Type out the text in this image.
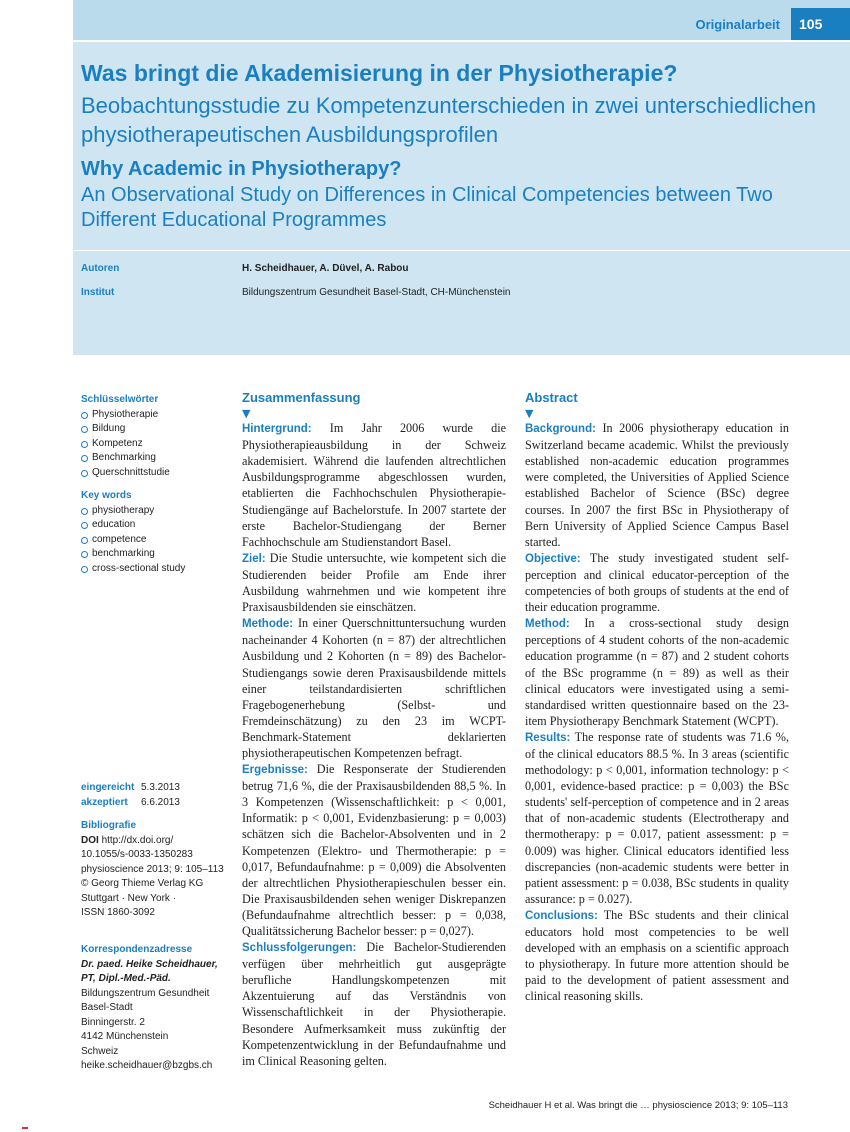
Originalarbeit	105
Was bringt die Akademisierung in der Physiotherapie?
Beobachtungsstudie zu Kompetenzunterschieden in zwei unterschiedlichen physiotherapeutischen Ausbildungsprofilen
Why Academic in Physiotherapy?
An Observational Study on Differences in Clinical Competencies between Two Different Educational Programmes
Autoren	H. Scheidhauer, A. Düvel, A. Rabou
Institut	Bildungszentrum Gesundheit Basel-Stadt, CH-Münchenstein
Schlüsselwörter
Physiotherapie
Bildung
Kompetenz
Benchmarking
Querschnittstudie
Key words
physiotherapy
education
competence
benchmarking
cross-sectional study
eingereicht 5.3.2013
akzeptiert 6.6.2013
Bibliografie
DOI http://dx.doi.org/
10.1055/s-0033-1350283
physioscience 2013; 9: 105–113
© Georg Thieme Verlag KG
Stuttgart · New York ·
ISSN 1860-3092
Korrespondenzadresse
Dr. paed. Heike Scheidhauer,
PT, Dipl.-Med.-Päd.
Bildungszentrum Gesundheit
Basel-Stadt
Binningerstr. 2
4142 Münchenstein
Schweiz
heike.scheidhauer@bzgbs.ch
Zusammenfassung
▼

Hintergrund: Im Jahr 2006 wurde die Physiotherapieausbildung in der Schweiz akademisiert. Während die laufenden altrechtlichen Ausbildungsprogramme abgeschlossen wurden, etablierten die Fachhochschulen Physiotherapie-Studiengänge auf Bachelorstufe. In 2007 startete der erste Bachelor-Studiengang der Berner Fachhochschule am Studienstandort Basel.

Ziel: Die Studie untersuchte, wie kompetent sich die Studierenden beider Profile am Ende ihrer Ausbildung wahrnehmen und wie kompetent ihre Praxisausbildenden sie einschätzen.

Methode: In einer Querschnittuntersuchung wurden nacheinander 4 Kohorten (n = 87) der altrechtlichen Ausbildung und 2 Kohorten (n = 89) des Bachelor-Studiengangs sowie deren Praxisausbildende mittels einer teilstandardisierten schriftlichen Fragebogenerhebung (Selbst- und Fremdeinschätzung) zu den 23 im WCPT-Benchmark-Statement deklarierten physiotherapeutischen Kompetenzen befragt.

Ergebnisse: Die Responserate der Studierenden betrug 71,6 %, die der Praxisausbildenden 88,5 %. In 3 Kompetenzen (Wissenschaftlichkeit: p < 0,001, Informatik: p < 0,001, Evidenzbasierung: p = 0,003) schätzen sich die Bachelor-Absolventen und in 2 Kompetenzen (Elektro- und Thermotherapie: p = 0,017, Befundaufnahme: p = 0,009) die Absolventen der altrechtlichen Physiotherapieschulen besser ein. Die Praxisausbildenden sehen weniger Diskrepanzen (Befundaufnahme altrechtlich besser: p = 0,038, Qualitätssicherung Bachelor besser: p = 0,027).

Schlussfolgerungen: Die Bachelor-Studierenden verfügen über mehrheitlich gut ausgeprägte berufliche Handlungskompetenzen mit Akzentuierung auf das Verständnis von Wissenschaftlichkeit in der Physiotherapie. Besondere Aufmerksamkeit muss zukünftig der Kompetenzentwicklung in der Befundaufnahme und im Clinical Reasoning gelten.

Abstract
▼

Background: In 2006 physiotherapy education in Switzerland became academic. Whilst the previously established non-academic education programmes were completed, the Universities of Applied Science established Bachelor of Science (BSc) degree courses. In 2007 the first BSc in Physiotherapy of Bern University of Applied Science Campus Basel started.

Objective: The study investigated student self-perception and clinical educator-perception of the competencies of both groups of students at the end of their education programme.

Method: In a cross-sectional study design perceptions of 4 student cohorts of the non-academic education programme (n = 87) and 2 student cohorts of the BSc programme (n = 89) as well as their clinical educators were investigated using a semi-standardised written questionnaire based on the 23-item Physiotherapy Benchmark Statement (WCPT).

Results: The response rate of students was 71.6 %, of the clinical educators 88.5 %. In 3 areas (scientific methodology: p < 0,001, information technology: p < 0,001, evidence-based practice: p = 0,003) the BSc students' self-perception of competence and in 2 areas that of non-academic students (Electrotherapy and thermotherapy: p = 0.017, patient assessment: p = 0.009) was higher. Clinical educators identified less discrepancies (non-academic students were better in patient assessment: p = 0.038, BSc students in quality assurance: p = 0.027).

Conclusions: The BSc students and their clinical educators hold most competencies to be well developed with an emphasis on a scientific approach to physiotherapy. In future more attention should be paid to the development of patient assessment and clinical reasoning skills.

Scheidhauer H et al. Was bringt die … physioscience 2013; 9: 105–113
